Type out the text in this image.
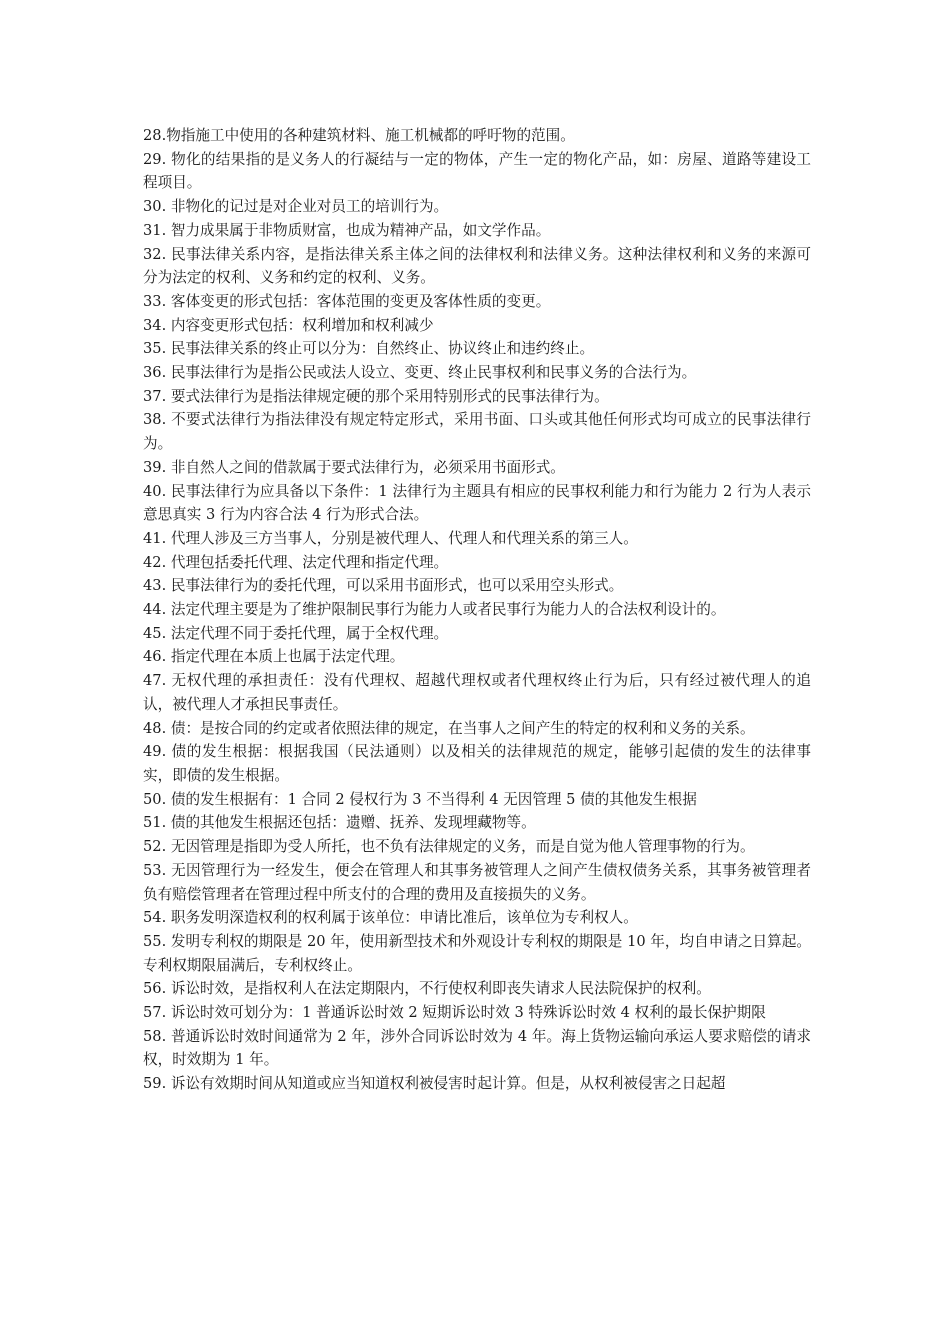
28.物指施工中使用的各种建筑材料、施工机械都的呼吁物的范围。

29. 物化的结果指的是义务人的行凝结与一定的物体，产生一定的物化产品，如：房屋、道路等建设工程项目。

30. 非物化的记过是对企业对员工的培训行为。

31. 智力成果属于非物质财富，也成为精神产品，如文学作品。

32. 民事法律关系内容，是指法律关系主体之间的法律权利和法律义务。这种法律权利和义务的来源可分为法定的权利、义务和约定的权利、义务。

33. 客体变更的形式包括：客体范围的变更及客体性质的变更。

34. 内容变更形式包括：权利增加和权利减少

35. 民事法律关系的终止可以分为：自然终止、协议终止和违约终止。

36. 民事法律行为是指公民或法人设立、变更、终止民事权利和民事义务的合法行为。

37. 要式法律行为是指法律规定硬的那个采用特别形式的民事法律行为。

38. 不要式法律行为指法律没有规定特定形式，采用书面、口头或其他任何形式均可成立的民事法律行为。

39. 非自然人之间的借款属于要式法律行为，必须采用书面形式。

40. 民事法律行为应具备以下条件：1 法律行为主题具有相应的民事权利能力和行为能力 2 行为人表示意思真实 3 行为内容合法 4 行为形式合法。

41. 代理人涉及三方当事人，分别是被代理人、代理人和代理关系的第三人。

42. 代理包括委托代理、法定代理和指定代理。

43. 民事法律行为的委托代理，可以采用书面形式，也可以采用空头形式。

44. 法定代理主要是为了维护限制民事行为能力人或者民事行为能力人的合法权利设计的。

45. 法定代理不同于委托代理，属于全权代理。

46. 指定代理在本质上也属于法定代理。

47. 无权代理的承担责任：没有代理权、超越代理权或者代理权终止行为后，只有经过被代理人的追认，被代理人才承担民事责任。

48. 债：是按合同的约定或者依照法律的规定，在当事人之间产生的特定的权利和义务的关系。

49. 债的发生根据：根据我国（民法通则）以及相关的法律规范的规定，能够引起债的发生的法律事实，即债的发生根据。

50. 债的发生根据有：1 合同 2 侵权行为 3 不当得利 4 无因管理 5 债的其他发生根据

51. 债的其他发生根据还包括：遗赠、抚养、发现埋藏物等。

52. 无因管理是指即为受人所托，也不负有法律规定的义务，而是自觉为他人管理事物的行为。

53. 无因管理行为一经发生，便会在管理人和其事务被管理人之间产生债权债务关系，其事务被管理者负有赔偿管理者在管理过程中所支付的合理的费用及直接损失的义务。

54. 职务发明深造权利的权利属于该单位：申请比准后，该单位为专利权人。

55. 发明专利权的期限是 20 年，使用新型技术和外观设计专利权的期限是 10 年，均自申请之日算起。专利权期限届满后，专利权终止。

56. 诉讼时效，是指权利人在法定期限内，不行使权利即丧失请求人民法院保护的权利。

57. 诉讼时效可划分为：1 普通诉讼时效 2 短期诉讼时效 3 特殊诉讼时效 4 权利的最长保护期限

58. 普通诉讼时效时间通常为 2 年，涉外合同诉讼时效为 4 年。海上货物运输向承运人要求赔偿的请求权，时效期为 1 年。

59. 诉讼有效期时间从知道或应当知道权利被侵害时起计算。但是，从权利被侵害之日起超
